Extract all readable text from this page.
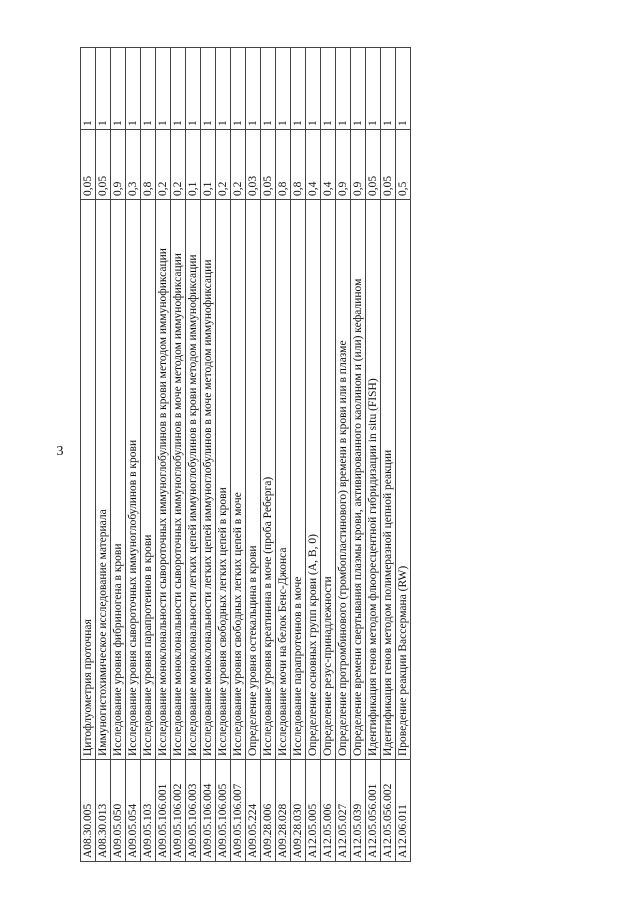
3
A08.30.005	Цитофлуометрия проточная	0,05	1
A08.30.013	Иммуногистохимическое исследование материала	0,05	1
A09.05.050	Исследование уровня фибриногена в крови	0,9	1
A09.05.054	Исследование уровня сывороточных иммуноглобулинов в крови	0,3	1
A09.05.103	Исследование уровня парапротеинов в крови	0,8	1
A09.05.106.001	Исследование моноклональности сывороточных иммуноглобулинов в крови методом иммунофиксации	0,2	1
A09.05.106.002	Исследование моноклональности сывороточных иммуноглобулинов в моче методом иммунофиксации	0,2	1
A09.05.106.003	Исследование моноклональности легких цепей иммуноглобулинов в крови методом иммунофиксации	0,1	1
A09.05.106.004	Исследование моноклональности легких цепей иммуноглобулинов в моче методом иммунофиксации	0,1	1
A09.05.106.005	Исследование уровня свободных легких цепей в крови	0,2	1
A09.05.106.007	Исследование уровня свободных легких цепей в моче	0,2	1
A09.05.224	Определение уровня остекальцина в крови	0,03	1
A09.28.006	Исследование уровня креатинина в моче (проба Реберга)	0,05	1
A09.28.028	Исследование мочи на белок Бенс-Джонса	0,8	1
A09.28.030	Исследование парапротеинов в моче	0,8	1
A12.05.005	Определение основных групп крови (A, B, 0)	0,4	1
A12.05.006	Определение резус-принадлежности	0,4	1
A12.05.027	Определение протромбинового (тромбопластинового) времени в крови или в плазме	0,9	1
A12.05.039	Определение времени свертывания плазмы крови, активированного каолином и (или) кефалином	0,9	1
A12.05.056.001	Идентификация генов методом флюоресцентной гибридизации in situ (FISH)	0,05	1
A12.05.056.002	Идентификация генов методом полимеразной цепной реакции	0,05	1
A12.06.011	Проведение реакции Вассермана (RW)	0,5	1
